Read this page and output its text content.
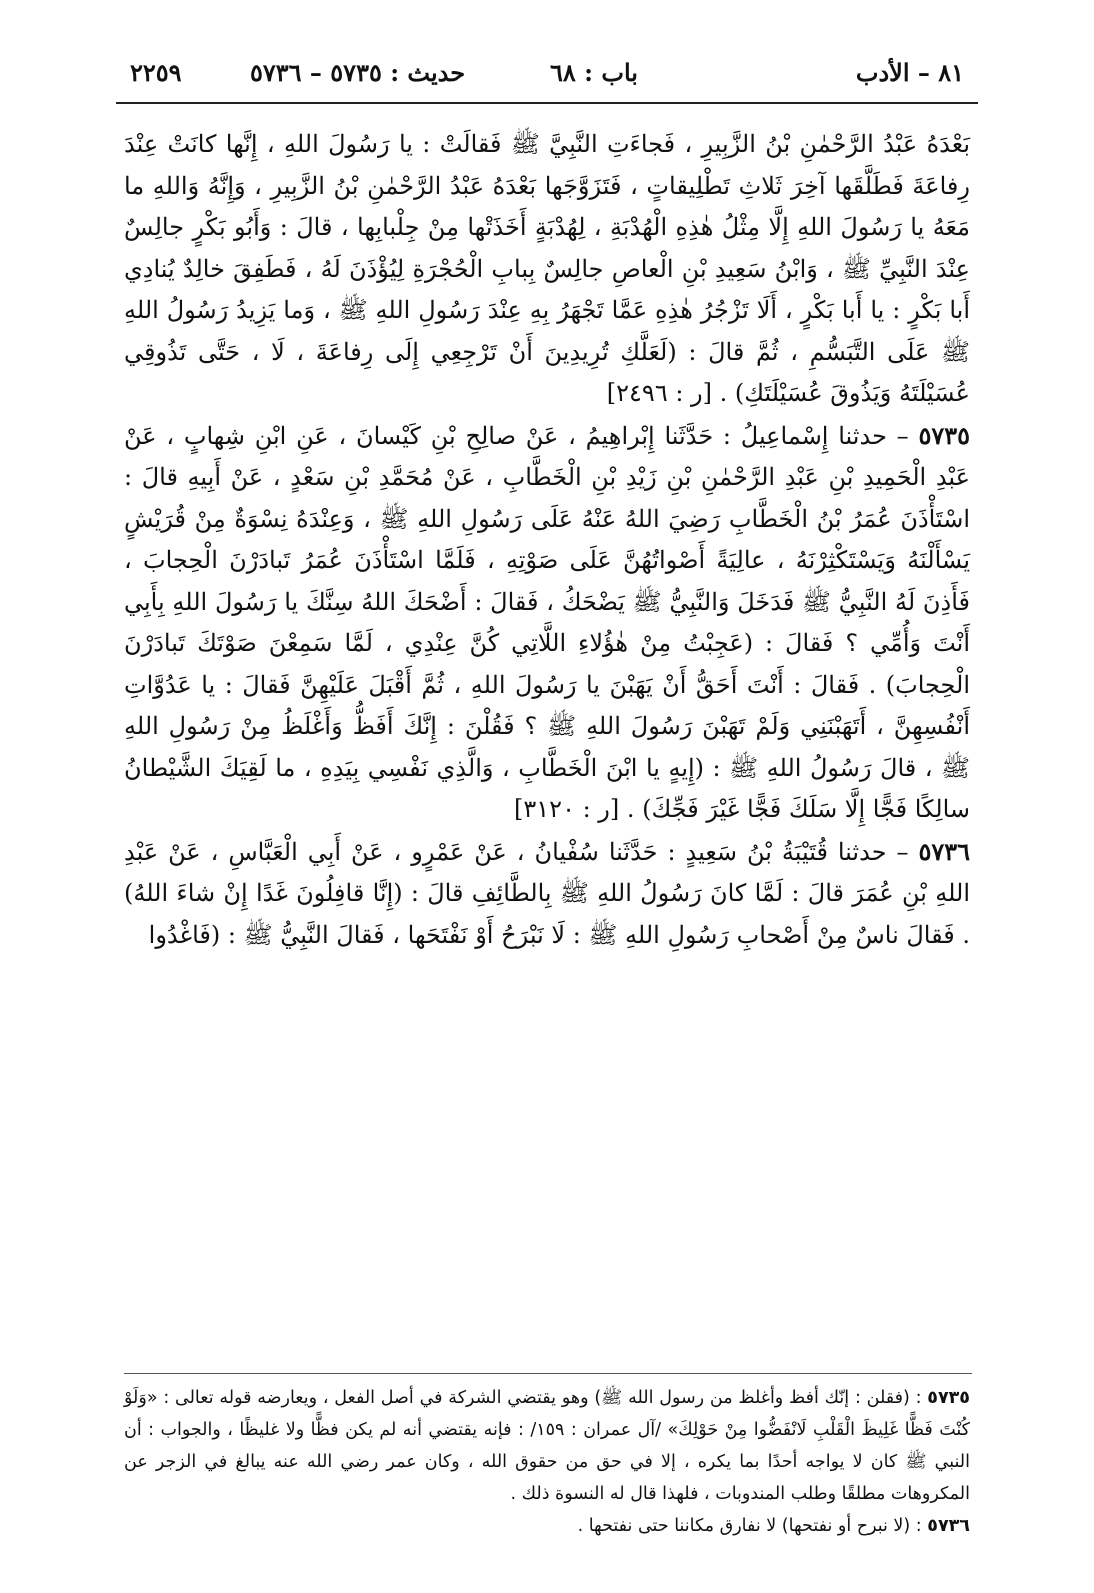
٢٢٥٩	حديث : ٥٧٣٥ – ٥٧٣٦	باب : ٦٨	٨١ – الأدب

بَعْدَهُ عَبْدُ الرَّحْمٰنِ بْنُ الزَّبِيرِ ، فَجاءَتِ النَّبِيَّ ﷺ فَقالَتْ : يا رَسُولَ اللهِ ، إِنَّها كانَتْ عِنْدَ رِفاعَةَ فَطَلَّقَها آخِرَ ثَلاثِ تَطْلِيقاتٍ ، فَتَزَوَّجَها بَعْدَهُ عَبْدُ الرَّحْمٰنِ بْنُ الزَّبِيرِ ، وَإِنَّهُ وَاللهِ ما مَعَهُ يا رَسُولَ اللهِ إِلَّا مِثْلُ هٰذِهِ الْهُدْبَةِ ، لِهُدْبَةٍ أَخَذَتْها مِنْ جِلْبابِها ، قالَ : وَأَبُو بَكْرٍ جالِسٌ عِنْدَ النَّبِيِّ ﷺ ، وَابْنُ سَعِيدِ بْنِ الْعاصِ جالِسٌ بِبابِ الْحُجْرَةِ لِيُؤْذَنَ لَهُ ، فَطَفِقَ خالِدٌ يُنادِي أَبا بَكْرٍ : يا أَبا بَكْرٍ ، أَلَا تَزْجُرُ هٰذِهِ عَمَّا تَجْهَرُ بِهِ عِنْدَ رَسُولِ اللهِ ﷺ ، وَما يَزِيدُ رَسُولُ اللهِ ﷺ عَلَى التَّبَسُّمِ ، ثُمَّ قالَ : (لَعَلَّكِ تُرِيدِينَ أَنْ تَرْجِعِي إِلَى رِفاعَةَ ، لَا ، حَتَّى تَذُوقِي عُسَيْلَتَهُ وَيَذُوقَ عُسَيْلَتَكِ) . [ر : ٢٤٩٦]

٥٧٣٥ – حدثنا إِسْماعِيلُ : حَدَّثَنا إِبْراهِيمُ ، عَنْ صالِحِ بْنِ كَيْسانَ ، عَنِ ابْنِ شِهابٍ ، عَنْ عَبْدِ الْحَمِيدِ بْنِ عَبْدِ الرَّحْمٰنِ بْنِ زَيْدِ بْنِ الْخَطَّابِ ، عَنْ مُحَمَّدِ بْنِ سَعْدٍ ، عَنْ أَبِيهِ قالَ : اسْتَأْذَنَ عُمَرُ بْنُ الْخَطَّابِ رَضِيَ اللهُ عَنْهُ عَلَى رَسُولِ اللهِ ﷺ ، وَعِنْدَهُ نِسْوَةٌ مِنْ قُرَيْشٍ يَسْأَلْنَهُ وَيَسْتَكْثِرْنَهُ ، عالِيَةً أَصْواتُهُنَّ عَلَى صَوْتِهِ ، فَلَمَّا اسْتَأْذَنَ عُمَرُ تَبادَرْنَ الْحِجابَ ، فَأَذِنَ لَهُ النَّبِيُّ ﷺ فَدَخَلَ وَالنَّبِيُّ ﷺ يَضْحَكُ ، فَقالَ : أَضْحَكَ اللهُ سِنَّكَ يا رَسُولَ اللهِ بِأَبِي أَنْتَ وَأُمِّي ؟ فَقالَ : (عَجِبْتُ مِنْ هٰؤُلاءِ اللَّاتِي كُنَّ عِنْدِي ، لَمَّا سَمِعْنَ صَوْتَكَ تَبادَرْنَ الْحِجابَ) . فَقالَ : أَنْتَ أَحَقُّ أَنْ يَهَبْنَ يا رَسُولَ اللهِ ، ثُمَّ أَقْبَلَ عَلَيْهِنَّ فَقالَ : يا عَدُوَّاتِ أَنْفُسِهِنَّ ، أَتَهَبْنَنِي وَلَمْ تَهَبْنَ رَسُولَ اللهِ ﷺ ؟ فَقُلْنَ : إِنَّكَ أَفَظُّ وَأَغْلَظُ مِنْ رَسُولِ اللهِ ﷺ ، قالَ رَسُولُ اللهِ ﷺ : (إِيهٍ يا ابْنَ الْخَطَّابِ ، وَالَّذِي نَفْسِي بِيَدِهِ ، ما لَقِيَكَ الشَّيْطانُ سالِكًا فَجًّا إِلَّا سَلَكَ فَجًّا غَيْرَ فَجِّكَ) . [ر : ٣١٢٠]

٥٧٣٦ – حدثنا قُتَيْبَةُ بْنُ سَعِيدٍ : حَدَّثَنا سُفْيانُ ، عَنْ عَمْرٍو ، عَنْ أَبِي الْعَبَّاسِ ، عَنْ عَبْدِ اللهِ بْنِ عُمَرَ قالَ : لَمَّا كانَ رَسُولُ اللهِ ﷺ بِالطَّائِفِ قالَ : (إِنَّا قافِلُونَ غَدًا إِنْ شاءَ اللهُ) . فَقالَ ناسٌ مِنْ أَصْحابِ رَسُولِ اللهِ ﷺ : لَا نَبْرَحُ أَوْ نَفْتَحَها ، فَقالَ النَّبِيُّ ﷺ : (فَاغْدُوا

٥٧٣٥ : (فقلن : إنّك أفظ وأغلظ من رسول الله ﷺ) وهو يقتضي الشركة في أصل الفعل ، ويعارضه قوله تعالى : «وَلَوْ كُنْتَ فَظًّا غَلِيظَ الْقَلْبِ لَانْفَضُّوا مِنْ حَوْلِكَ» /آل عمران : ١٥٩/ : فإنه يقتضي أنه لم يكن فظًّا ولا غليظًا ، والجواب : أن النبي ﷺ كان لا يواجه أحدًا بما يكره ، إلا في حق من حقوق الله ، وكان عمر رضي الله عنه يبالغ في الزجر عن المكروهات مطلقًا وطلب المندوبات ، فلهذا قال له النسوة ذلك .

٥٧٣٦ : (لا نبرح أو نفتحها) لا نفارق مكاننا حتى نفتحها .
